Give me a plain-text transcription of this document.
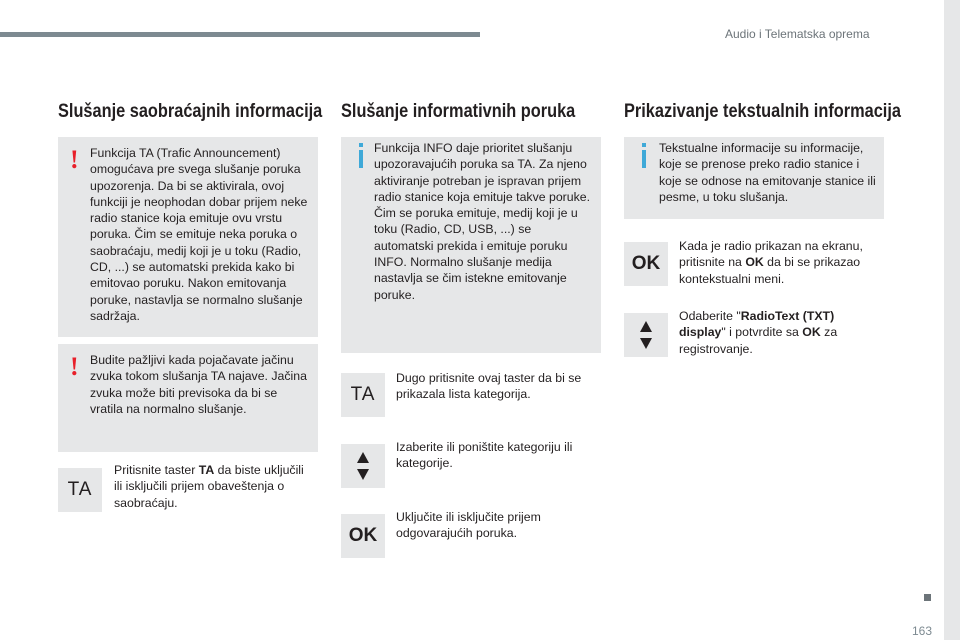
Audio i Telematska oprema
163
Slušanje saobraćajnih informacija
! Funkcija TA (Trafic Announcement) omogućava pre svega slušanje poruka upozorenja. Da bi se aktivirala, ovoj funkciji je neophodan dobar prijem neke radio stanice koja emituje ovu vrstu poruka. Čim se emituje neka poruka o saobraćaju, medij koji je u toku (Radio, CD, ...) se automatski prekida kako bi emitovao poruku. Nakon emitovanja poruke, nastavlja se normalno slušanje sadržaja.
! Budite pažljivi kada pojačavate jačinu zvuka tokom slušanja TA najave. Jačina zvuka može biti previsoka da bi se vratila na normalno slušanje.
TA
Pritisnite taster TA da biste uključili ili isključili prijem obaveštenja o saobraćaju.
Slušanje informativnih poruka
Funkcija INFO daje prioritet slušanju upozoravajućih poruka sa TA. Za njeno aktiviranje potreban je ispravan prijem radio stanice koja emituje takve poruke. Čim se poruka emituje, medij koji je u toku (Radio, CD, USB, ...) se automatski prekida i emituje poruku INFO. Normalno slušanje medija nastavlja se čim istekne emitovanje poruke.
TA
Dugo pritisnite ovaj taster da bi se prikazala lista kategorija.
Izaberite ili poništite kategoriju ili kategorije.
OK
Uključite ili isključite prijem odgovarajućih poruka.
Prikazivanje tekstualnih informacija
Tekstualne informacije su informacije, koje se prenose preko radio stanice i koje se odnose na emitovanje stanice ili pesme, u toku slušanja.
OK
Kada je radio prikazan na ekranu, pritisnite na OK da bi se prikazao kontekstualni meni.
Odaberite "RadioText (TXT) display" i potvrdite sa OK za registrovanje.
